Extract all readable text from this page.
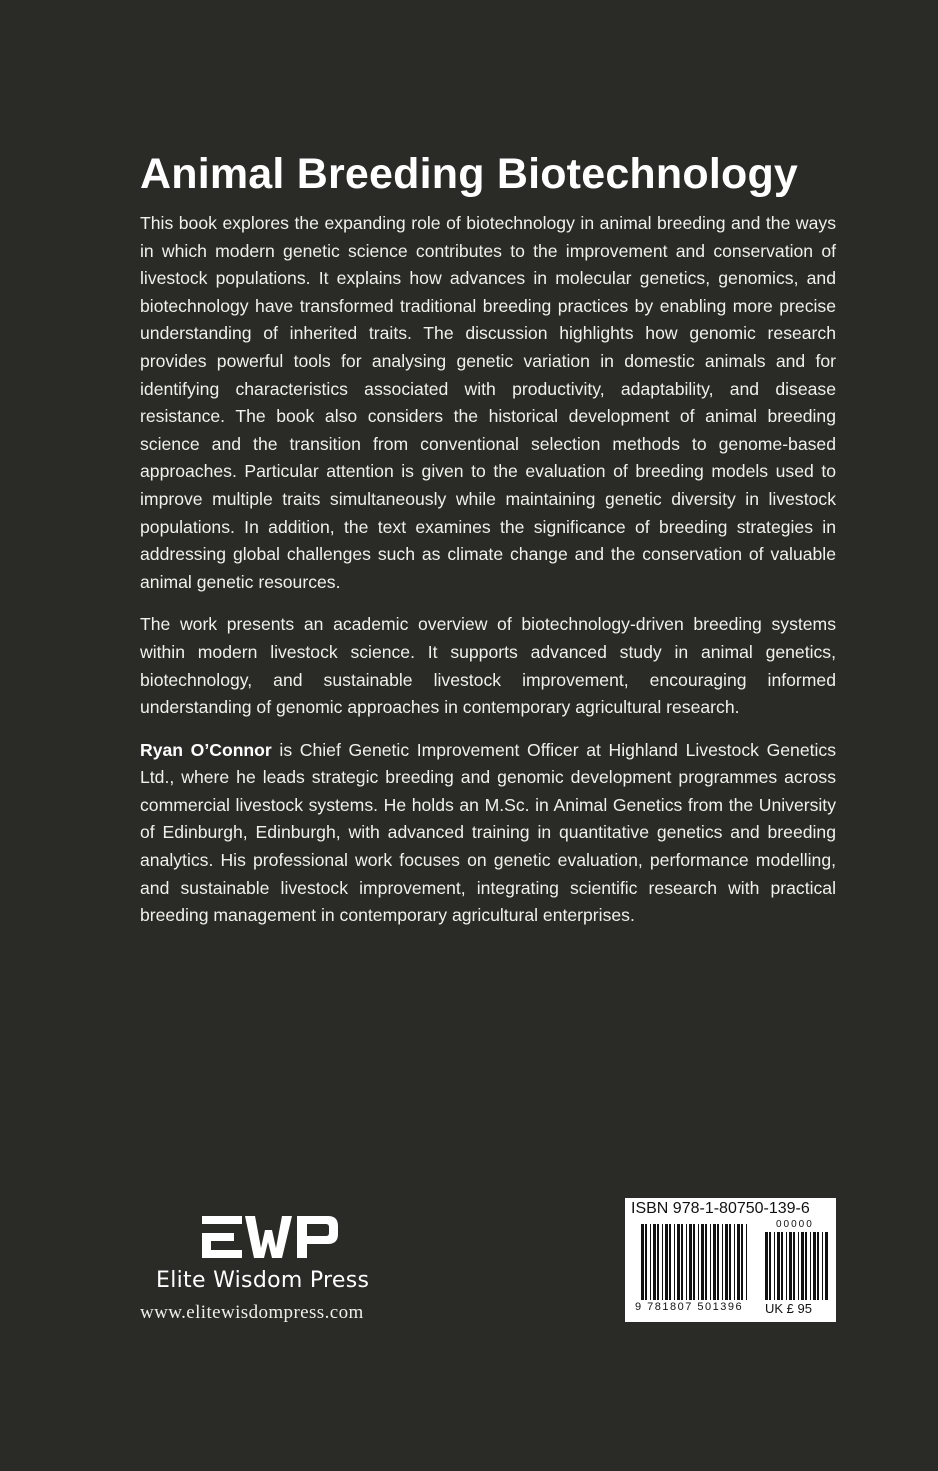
Animal Breeding Biotechnology

This book explores the expanding role of biotechnology in animal breeding and the ways in which modern genetic science contributes to the improvement and conservation of livestock populations. It explains how advances in molecular genetics, genomics, and biotechnology have transformed traditional breeding practices by enabling more precise understanding of inherited traits. The discussion highlights how genomic research provides powerful tools for analysing genetic variation in domestic animals and for identifying characteristics associated with productivity, adaptability, and disease resistance. The book also considers the historical development of animal breeding science and the transition from conventional selection methods to genome-based approaches. Particular attention is given to the evaluation of breeding models used to improve multiple traits simultaneously while maintaining genetic diversity in livestock populations. In addition, the text examines the significance of breeding strategies in addressing global challenges such as climate change and the conservation of valuable animal genetic resources.

The work presents an academic overview of biotechnology-driven breeding systems within modern livestock science. It supports advanced study in animal genetics, biotechnology, and sustainable livestock improvement, encouraging informed understanding of genomic approaches in contemporary agricultural research.

Ryan O’Connor is Chief Genetic Improvement Officer at Highland Livestock Genetics Ltd., where he leads strategic breeding and genomic development programmes across commercial livestock systems. He holds an M.Sc. in Animal Genetics from the University of Edinburgh, Edinburgh, with advanced training in quantitative genetics and breeding analytics. His professional work focuses on genetic evaluation, performance modelling, and sustainable livestock improvement, integrating scientific research with practical breeding management in contemporary agricultural enterprises.

Elite Wisdom Press
www.elitewisdompress.com
ISBN 978-1-80750-139-6
9 781807 501396
00000
UK £ 95
